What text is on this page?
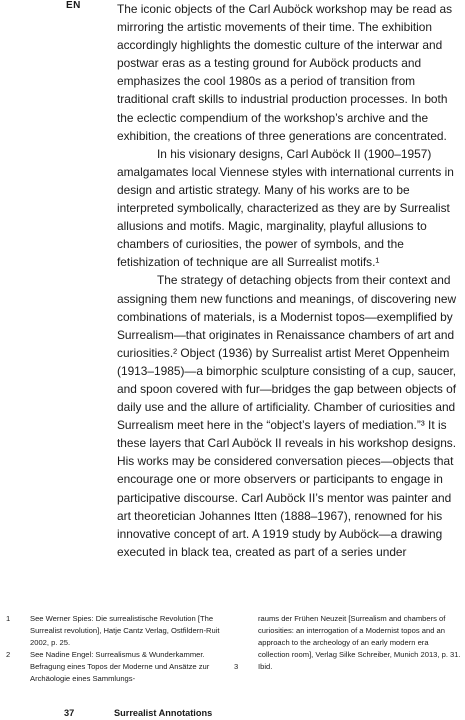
EN	The iconic objects of the Carl Auböck workshop may be read as mirroring the artistic movements of their time. The exhibition accordingly highlights the domestic culture of the interwar and postwar eras as a testing ground for Auböck products and emphasizes the cool 1980s as a period of transition from traditional craft skills to industrial production processes. In both the eclectic compendium of the workshop’s archive and the exhibition, the creations of three generations are concentrated.

In his visionary designs, Carl Auböck II (1900–1957) amalgamates local Viennese styles with international currents in design and artistic strategy. Many of his works are to be interpreted symbolically, characterized as they are by Surrealist allusions and motifs. Magic, marginality, playful allusions to chambers of curiosities, the power of symbols, and the fetishization of technique are all Surrealist motifs.¹

The strategy of detaching objects from their context and assigning them new functions and meanings, of discovering new combinations of materials, is a Modernist topos—exemplified by Surrealism—that originates in Renaissance chambers of art and curiosities.² Object (1936) by Surrealist artist Meret Oppenheim (1913–1985)—a bimorphic sculpture consisting of a cup, saucer, and spoon covered with fur—bridges the gap between objects of daily use and the allure of artificiality. Chamber of curiosities and Surrealism meet here in the “object’s layers of mediation.”³ It is these layers that Carl Auböck II reveals in his workshop designs. His works may be considered conversation pieces—objects that encourage one or more observers or participants to engage in participative discourse. Carl Auböck II’s mentor was painter and art theoretician Johannes Itten (1888–1967), renowned for his innovative concept of art. A 1919 study by Auböck—a drawing executed in black tea, created as part of a series under

1	See Werner Spies: Die surrealistische Revolution [The Surrealist revolution], Hatje Cantz Verlag, Ostfildern-Ruit 2002, p. 25.
2	See Nadine Engel: Surrealismus & Wunderkammer. Befragung eines Topos der Moderne und Ansätze zur Archäologie eines Sammlungs-
raums der Frühen Neuzeit [Surrealism and chambers of curiosities: an interrogation of a Modernist topos and an approach to the archeology of an early modern era collection room], Verlag Silke Schreiber, Munich 2013, p. 31.
3	Ibid.
37	Surrealist Annotations
